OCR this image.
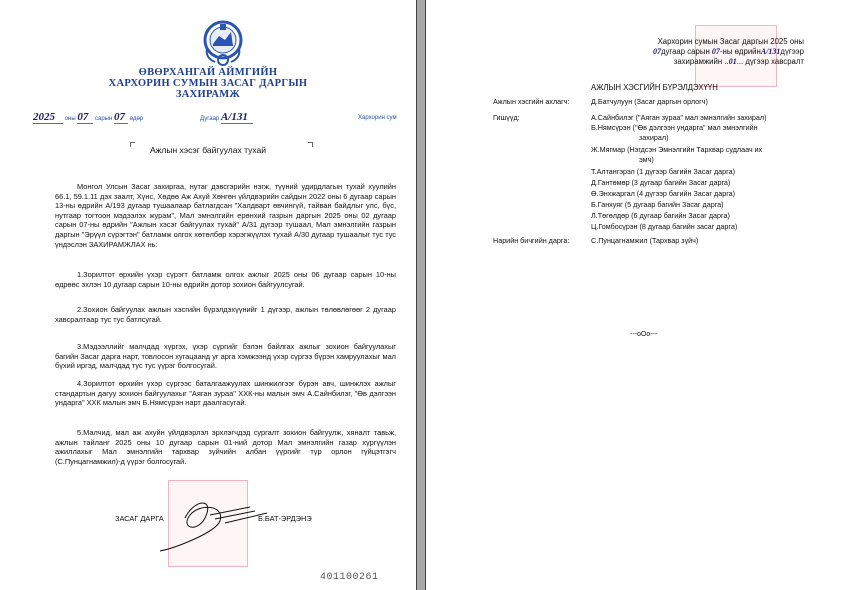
ӨВӨРХАНГАЙ АЙМГИЙН
ХАРХОРИН СУМЫН ЗАСАГ ДАРГЫН
ЗАХИРАМЖ
2025 оны 07 сарын 07 өдөр	Дугаар А/131	Хархорин сум
Ажлын хэсэг байгуулах тухай
Монгол Улсын Засаг захиргаа, нутаг дэвсгэрийн нэгж, түүний удирдлагын тухай хуулийн 66.1, 59.1.11 дэх заалт, Хүнс, Хөдөө Аж Ахуй Хөнгөн үйлдвэрийн сайдын 2022 оны 6 дугаар сарын 13-ны өдрийн А/193 дугаар тушаалаар батлагдсан "Халдварт өвчингүй, тайван байдлыг улс, бүс, нутгаар тогтоон мэдээлэх журам", Мал эмнэлгийн ерөнхий газрын даргын 2025 оны 02 дугаар сарын 07-ны өдрийн "Ажлын хэсэг байгуулах тухай" А/31 дүгээр тушаал, Мал эмнэлгийн газрын даргын "Эрүүл сүрэгтэн" батламж олгох хөтөлбөр хэрэгжүүлэх тухай А/30 дугаар тушаалыг тус тус үндэслэн ЗАХИРАМЖЛАХ нь:
1.Зорилтот өрхийн үхэр сүрэгт батламж олгох ажлыг 2025 оны 06 дугаар сарын 10-ны өдрөөс эхлэн 10 дугаар сарын 10-ны өдрийн дотор зохион байгуулсугай.
2.Зохион байгуулах ажлын хэсгийн бүрэлдэхүүнийг 1 дүгээр, ажлын төлөвлөгөөг 2 дугаар хавсралтаар тус тус батлсугай.
3.Мэдээллийг малчдад хүргэх, үхэр сүргийг бэлэн байлгах ажлыг зохион байгуулахыг багийн Засаг дарга нарт, товлосон хугацаанд уг арга хэмжээнд үхэр сүргээ бүрэн хамруулахыг мал бүхий иргэд, малчдад тус тус үүрэг болгосугай.
4.Зорилтот өрхийн үхэр сүргээс баталгаажуулах шинжилгээг бүрэн авч, шинжлэх ажлыг стандартын дагуу зохион байгуулахыг "Аяган зураа" ХХК-ны малын эмч А.Сайнбилэг, "Өв дэлгээн ундарга" ХХК малын эмч Б.Нямсүрэн нарт даалгасугай.
5.Малчид, мал аж ахуйн үйлдвэрлэл эрхлэгчдэд сургалт зохион байгуулж, хяналт тавьж, ажлын тайланг 2025 оны 10 дугаар сарын 01-ний дотор Мал эмнэлгийн газар хүргүүлэн ажиллахыг Мал эмнэлгийн тархвар зүйчийн албан үүргийг түр орлон гүйцэтгэгч (С.Пунцагнамжил)-д үүрэг болгосугай.
ЗАСАГ ДАРГА	Б.БАТ-ЭРДЭНЭ
401100261
Хархорин сумын Засаг даргын 2025 оны
07дугаар сарын 07-ны өдрийнА/131дүгээр
захирамжийн ..01... дүгээр хавсралт
АЖЛЫН ХЭСГИЙН БҮРЭЛДЭХҮҮН
Ажлын хэсгийн ахлагч:	Д.Батчулуун (Засаг даргын орлогч)
Гишүүд:	А.Сайнбилэг ("Аяган зураа" мал эмнэлгийн захирал)
Б.Нямсүрэн ("Өв дэлгээн ундарга" мал эмнэлгийн
захирал)
Ж.Мягмар (Нэгдсэн Эмнэлгийн Тархвар судлаач их
эмч)
Т.Алтангэрэл (1 дүгээр багийн Засаг дарга)
Д.Гантөмөр (3 дугаар багийн Засаг дарга)
Ө.Энхжаргал (4 дүгээр багийн Засаг дарга)
Б.Ганхуяг (5 дугаар багийн Засаг дарга)
Л.Төгөлдөр (6 дугаар багийн Засаг дарга)
Ц.Гомбосүрэн (8 дугаар багийн засаг дарга)
Нарийн бичгийн дарга:	С.Пунцагнамжил (Тархвар зүйч)
---oOo---
